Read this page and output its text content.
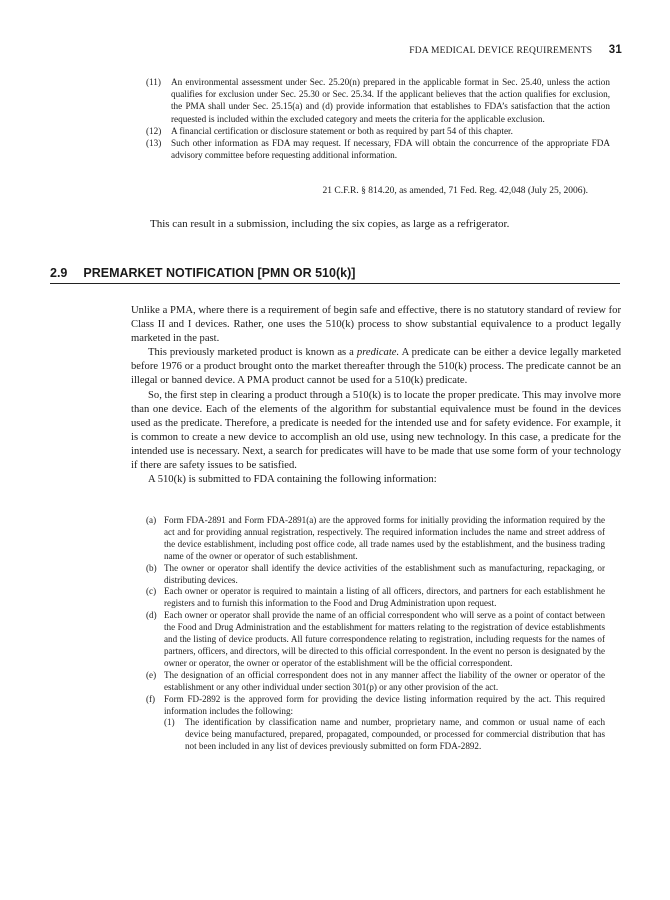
FDA MEDICAL DEVICE REQUIREMENTS 31
(11)	An environmental assessment under Sec. 25.20(n) prepared in the applicable format in Sec. 25.40, unless the action qualifies for exclusion under Sec. 25.30 or Sec. 25.34. If the applicant believes that the action qualifies for exclusion, the PMA shall under Sec. 25.15(a) and (d) provide information that establishes to FDA’s satisfaction that the action requested is included within the excluded category and meets the criteria for the applicable exclusion.
(12)	A financial certification or disclosure statement or both as required by part 54 of this chapter.
(13)	Such other information as FDA may request. If necessary, FDA will obtain the concurrence of the appropriate FDA advisory committee before requesting additional information.
21 C.F.R. § 814.20, as amended, 71 Fed. Reg. 42,048 (July 25, 2006).
This can result in a submission, including the six copies, as large as a refrigerator.
2.9 PREMARKET NOTIFICATION [PMN OR 510(k)]

Unlike a PMA, where there is a requirement of begin safe and effective, there is no statutory standard of review for Class II and I devices. Rather, one uses the 510(k) process to show substantial equivalence to a product legally marketed in the past.

This previously marketed product is known as a predicate. A predicate can be either a device legally marketed before 1976 or a product brought onto the market thereafter through the 510(k) process. The predicate cannot be an illegal or banned device. A PMA product cannot be used for a 510(k) predicate.

So, the first step in clearing a product through a 510(k) is to locate the proper predicate. This may involve more than one device. Each of the elements of the algorithm for substantial equivalence must be found in the devices used as the predicate. Therefore, a predicate is needed for the intended use and for safety evidence. For example, it is common to create a new device to accomplish an old use, using new technology. In this case, a predicate for the intended use is necessary. Next, a search for predicates will have to be made that use some form of your technology if there are safety issues to be satisfied.

A 510(k) is submitted to FDA containing the following information:

(a) Form FDA-2891 and Form FDA-2891(a) are the approved forms for initially providing the information required by the act and for providing annual registration, respectively. The required information includes the name and street address of the device establishment, including post office code, all trade names used by the establishment, and the business trading name of the owner or operator of such establishment.
(b) The owner or operator shall identify the device activities of the establishment such as manufacturing, repackaging, or distributing devices.
(c) Each owner or operator is required to maintain a listing of all officers, directors, and partners for each establishment he registers and to furnish this information to the Food and Drug Administration upon request.
(d) Each owner or operator shall provide the name of an official correspondent who will serve as a point of contact between the Food and Drug Administration and the establishment for matters relating to the registration of device establishments and the listing of device products. All future correspondence relating to registration, including requests for the names of partners, officers, and directors, will be directed to this official correspondent. In the event no person is designated by the owner or operator, the owner or operator of the establishment will be the official correspondent.
(e) The designation of an official correspondent does not in any manner affect the liability of the owner or operator of the establishment or any other individual under section 301(p) or any other provision of the act.
(f) Form FD-2892 is the approved form for providing the device listing information required by the act. This required information includes the following:
(1)	The identification by classification name and number, proprietary name, and common or usual name of each device being manufactured, prepared, propagated, compounded, or processed for commercial distribution that has not been included in any list of devices previously submitted on form FDA-2892.
